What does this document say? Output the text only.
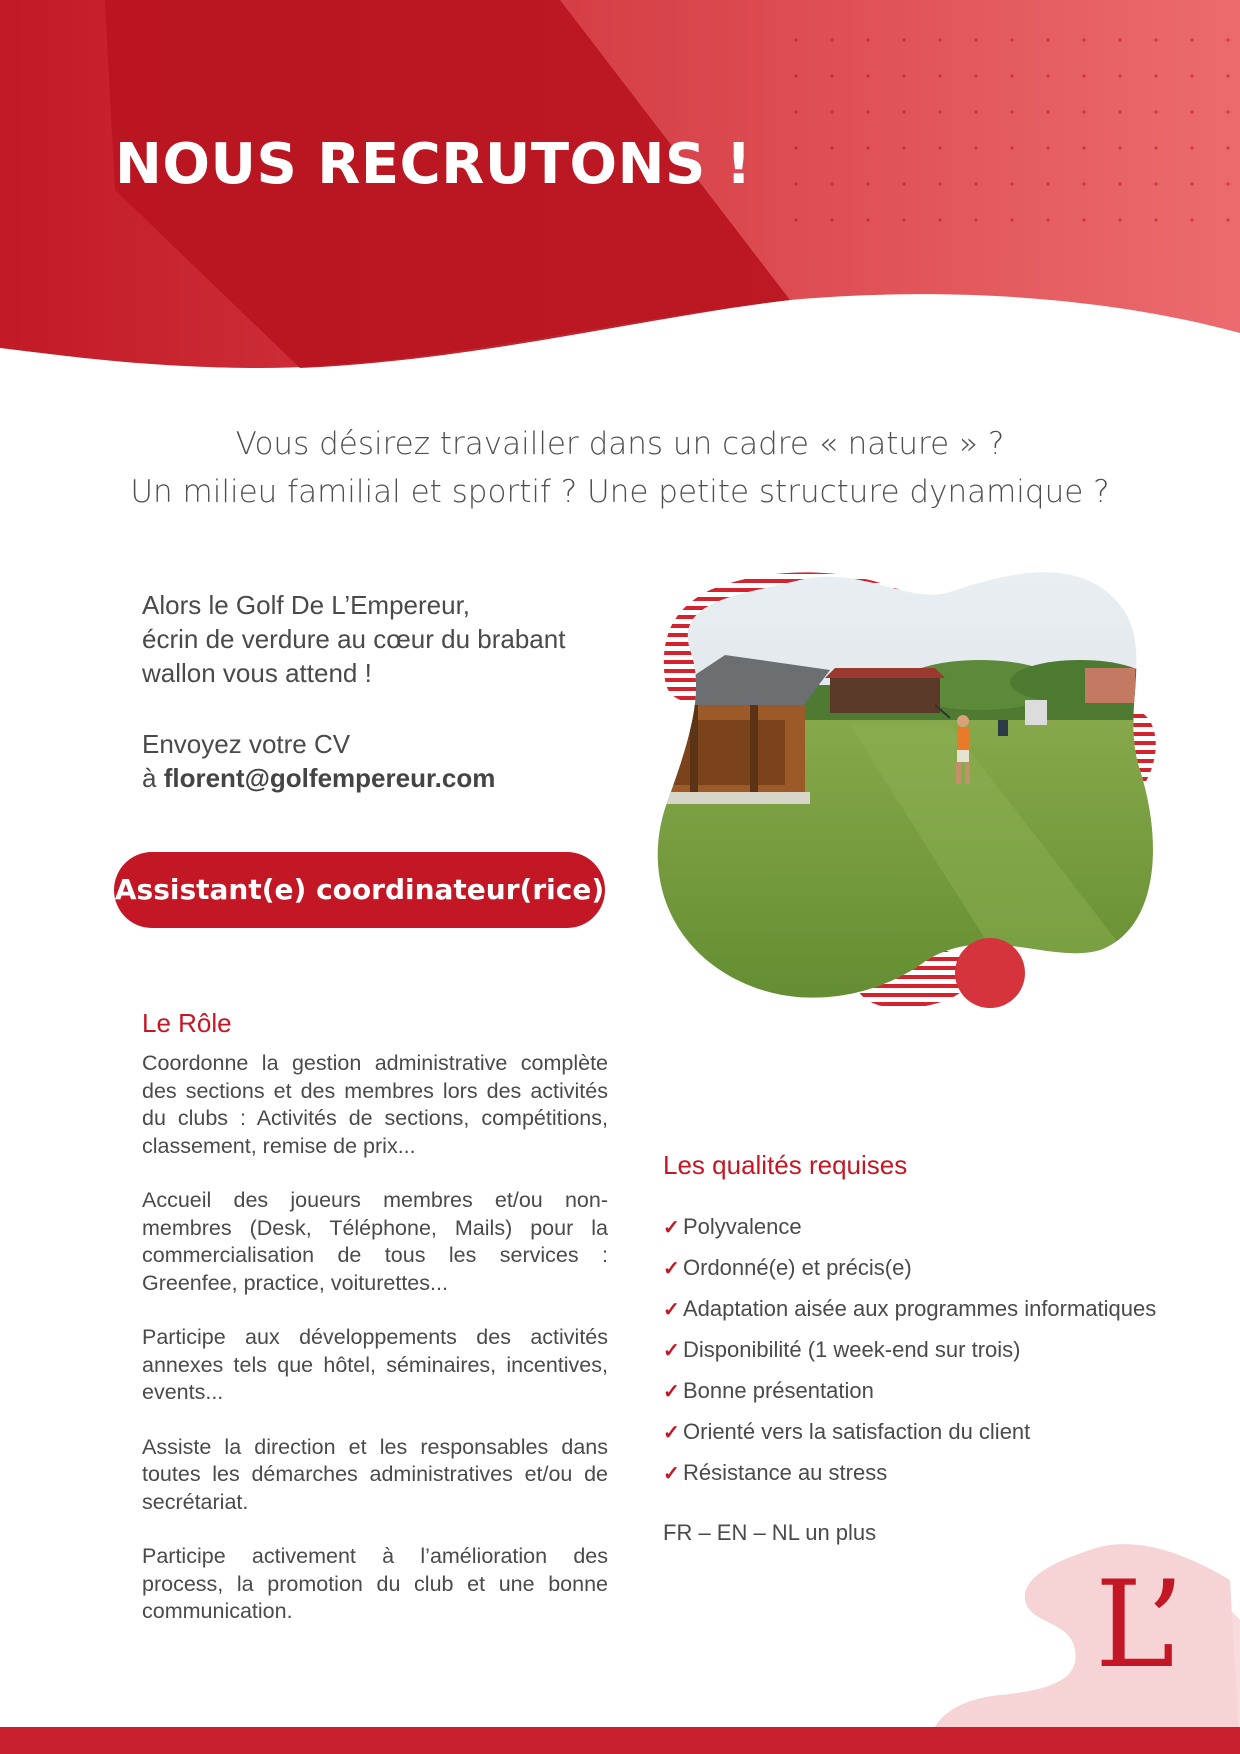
NOUS RECRUTONS !
Vous désirez travailler dans un cadre « nature » ?
Un milieu familial et sportif ? Une petite structure dynamique ?

Alors le Golf De L’Empereur,

écrin de verdure au cœur du brabant

wallon vous attend !

Envoyez votre CV

à florent@golfempereur.com

Assistant(e) coordinateur(rice)
Le Rôle

Coordonne la gestion administrative complète des sections et des membres lors des activités du clubs : Activités de sections, compétitions, classement, remise de prix...

Accueil des joueurs membres et/ou non-membres (Desk, Téléphone, Mails) pour la commercialisation de tous les services : Greenfee, practice, voiturettes...

Participe aux développements des activités annexes tels que hôtel, séminaires, incentives, events...

Assiste la direction et les responsables dans toutes les démarches administratives et/ou de secrétariat.

Participe activement à l’amélioration des process, la promotion du club et une bonne communication.

Les qualités requises
✓ Polyvalence
✓ Ordonné(e) et précis(e)
✓ Adaptation aisée aux programmes informatiques
✓ Disponibilité (1 week-end sur trois)
✓ Bonne présentation
✓ Orienté vers la satisfaction du client
✓ Résistance au stress
FR – EN – NL un plus
L’
